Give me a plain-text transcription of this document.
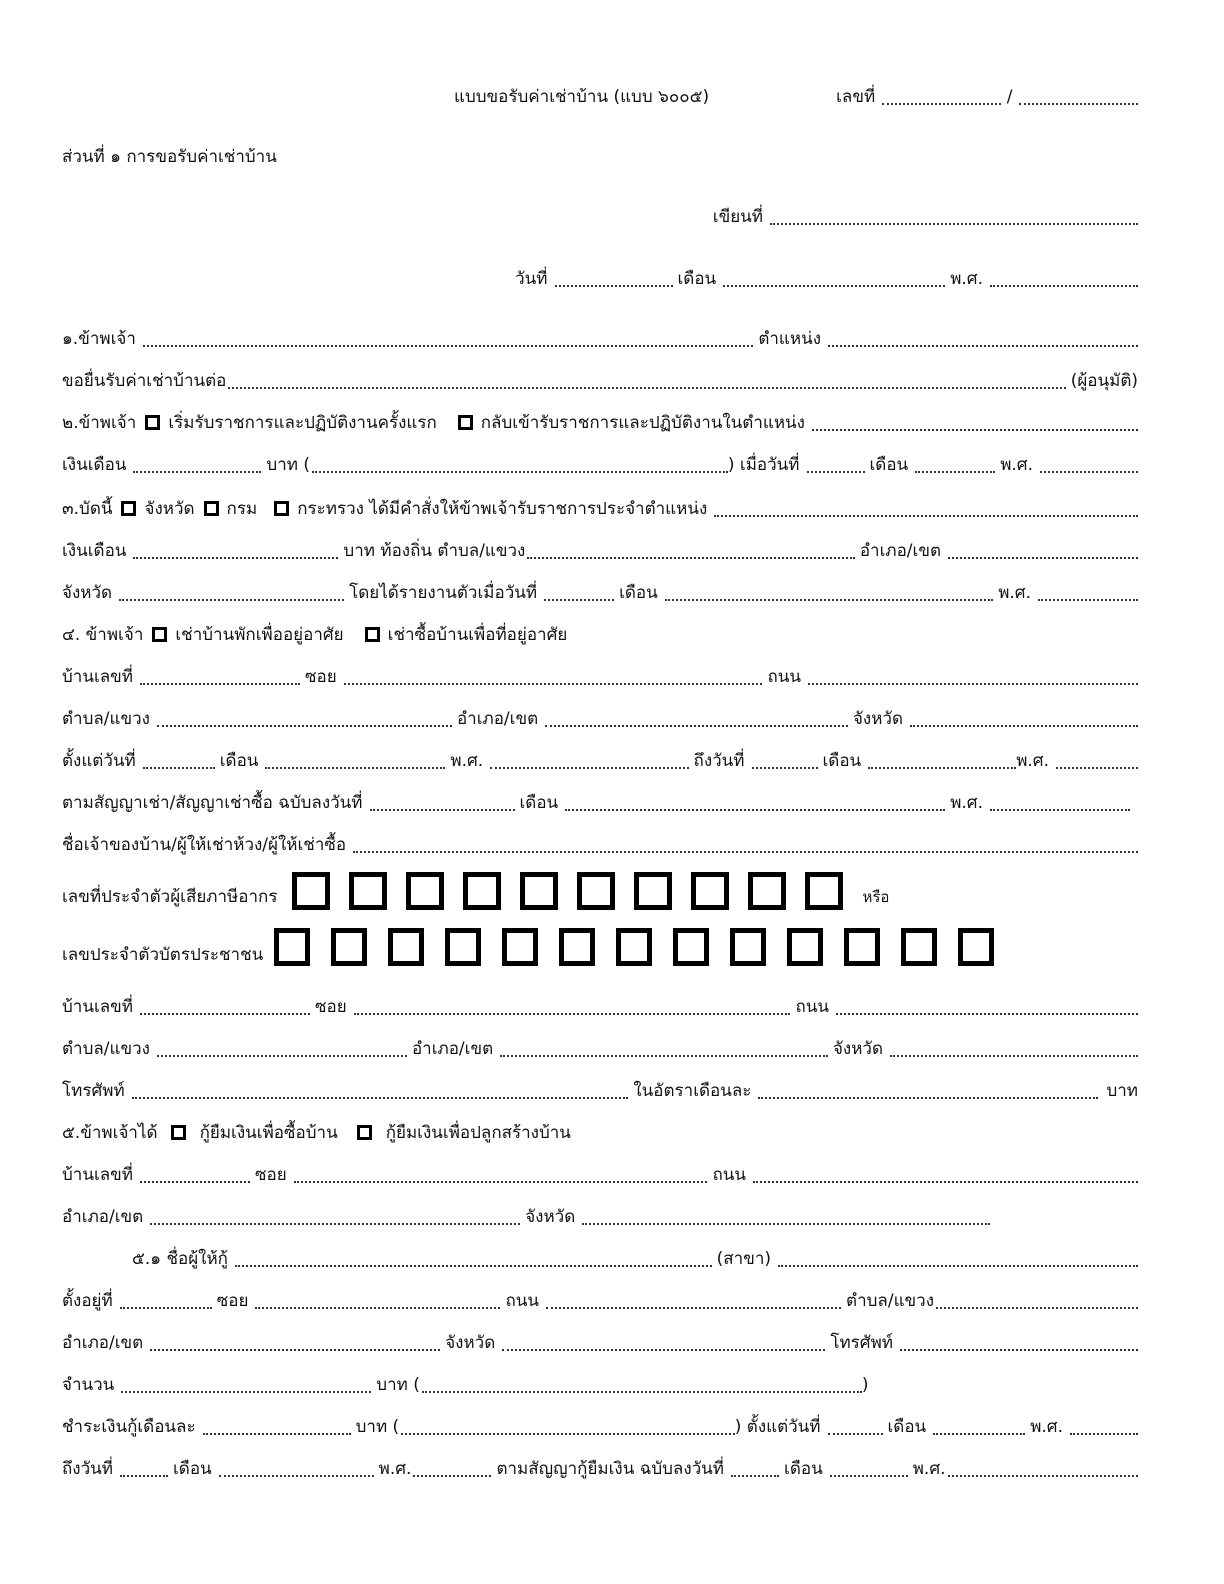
แบบขอรับค่าเช่าบ้าน (แบบ ๖๐๐๕)	เลขที่	/
ส่วนที่ ๑ การขอรับค่าเช่าบ้าน
เขียนที่
วันที่	เดือน	พ.ศ.
๑.ข้าพเจ้า	ตำแหน่ง
ขอยื่นรับค่าเช่าบ้านต่อ	(ผู้อนุมัติ)
๒.ข้าพเจ้า เริ่มรับราชการและปฏิบัติงานครั้งแรก	กลับเข้ารับราชการและปฏิบัติงานในตำแหน่ง
เงินเดือน	บาท (	) เมื่อวันที่	เดือน	พ.ศ.
๓.บัดนี้ จังหวัด กรม กระทรวง ได้มีคำสั่งให้ข้าพเจ้ารับราชการประจำตำแหน่ง
เงินเดือน	บาท ท้องถิ่น ตำบล/แขวง	อำเภอ/เขต
จังหวัด	โดยได้รายงานตัวเมื่อวันที่	เดือน	พ.ศ.
๔. ข้าพเจ้า เช่าบ้านพักเพื่ออยู่อาศัย	เช่าซื้อบ้านเพื่อที่อยู่อาศัย
บ้านเลขที่	ซอย	ถนน
ตำบล/แขวง	อำเภอ/เขต	จังหวัด
ตั้งแต่วันที่	เดือน	พ.ศ.	ถึงวันที่	เดือน	พ.ศ.
ตามสัญญาเช่า/สัญญาเช่าซื้อ ฉบับลงวันที่	เดือน	พ.ศ.
ชื่อเจ้าของบ้าน/ผู้ให้เช่าห้วง/ผู้ให้เช่าซื้อ
เลขที่ประจำตัวผู้เสียภาษีอากร	หรือ
เลขประจำตัวบัตรประชาชน
บ้านเลขที่	ซอย	ถนน
ตำบล/แขวง	อำเภอ/เขต	จังหวัด
โทรศัพท์	ในอัตราเดือนละ	บาท
๕.ข้าพเจ้าได้ กู้ยืมเงินเพื่อซื้อบ้าน	กู้ยืมเงินเพื่อปลูกสร้างบ้าน
บ้านเลขที่	ซอย	ถนน
อำเภอ/เขต	จังหวัด
๕.๑ ชื่อผู้ให้กู้	(สาขา)
ตั้งอยู่ที่	ซอย	ถนน	ตำบล/แขวง
อำเภอ/เขต	จังหวัด	โทรศัพท์
จำนวน	บาท (	)
ชำระเงินกู้เดือนละ	บาท (	) ตั้งแต่วันที่	เดือน	พ.ศ.
ถึงวันที่	เดือน	พ.ศ.	ตามสัญญากู้ยืมเงิน ฉบับลงวันที่	เดือน	พ.ศ.
